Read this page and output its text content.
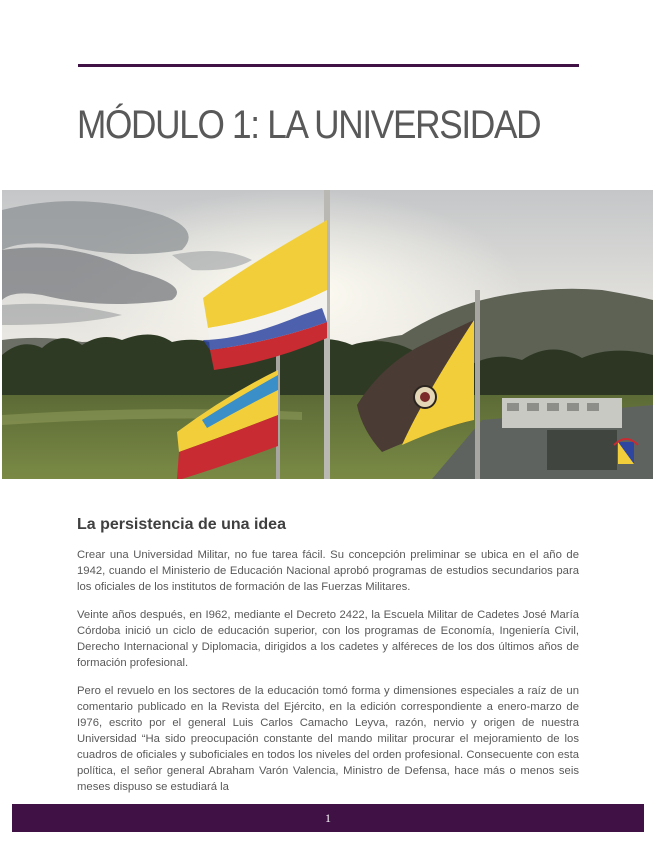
MÓDULO 1: LA UNIVERSIDAD
La persistencia de una idea

Crear una Universidad Militar, no fue tarea fácil. Su concepción preliminar se ubica en el año de 1942, cuando el Ministerio de Educación Nacional aprobó programas de estudios secundarios para los oficiales de los institutos de formación de las Fuerzas Militares.

Veinte años después, en I962, mediante el Decreto 2422, la Escuela Militar de Cadetes José María Córdoba inició un ciclo de educación superior, con los programas de Economía, Ingeniería Civil, Derecho Internacional y Diplomacia, dirigidos a los cadetes y alféreces de los dos últimos años de formación profesional.

Pero el revuelo en los sectores de la educación tomó forma y dimensiones especiales a raíz de un comentario publicado en la Revista del Ejército, en la edición correspondiente a enero-marzo de I976, escrito por el general Luis Carlos Camacho Leyva, razón, nervio y origen de nuestra Universidad “Ha sido preocupación constante del mando militar procurar el mejoramiento de los cuadros de oficiales y suboficiales en todos los niveles del orden profesional. Consecuente con esta política, el señor general Abraham Varón Valencia, Ministro de Defensa, hace más o menos seis meses dispuso se estudiará la

1
